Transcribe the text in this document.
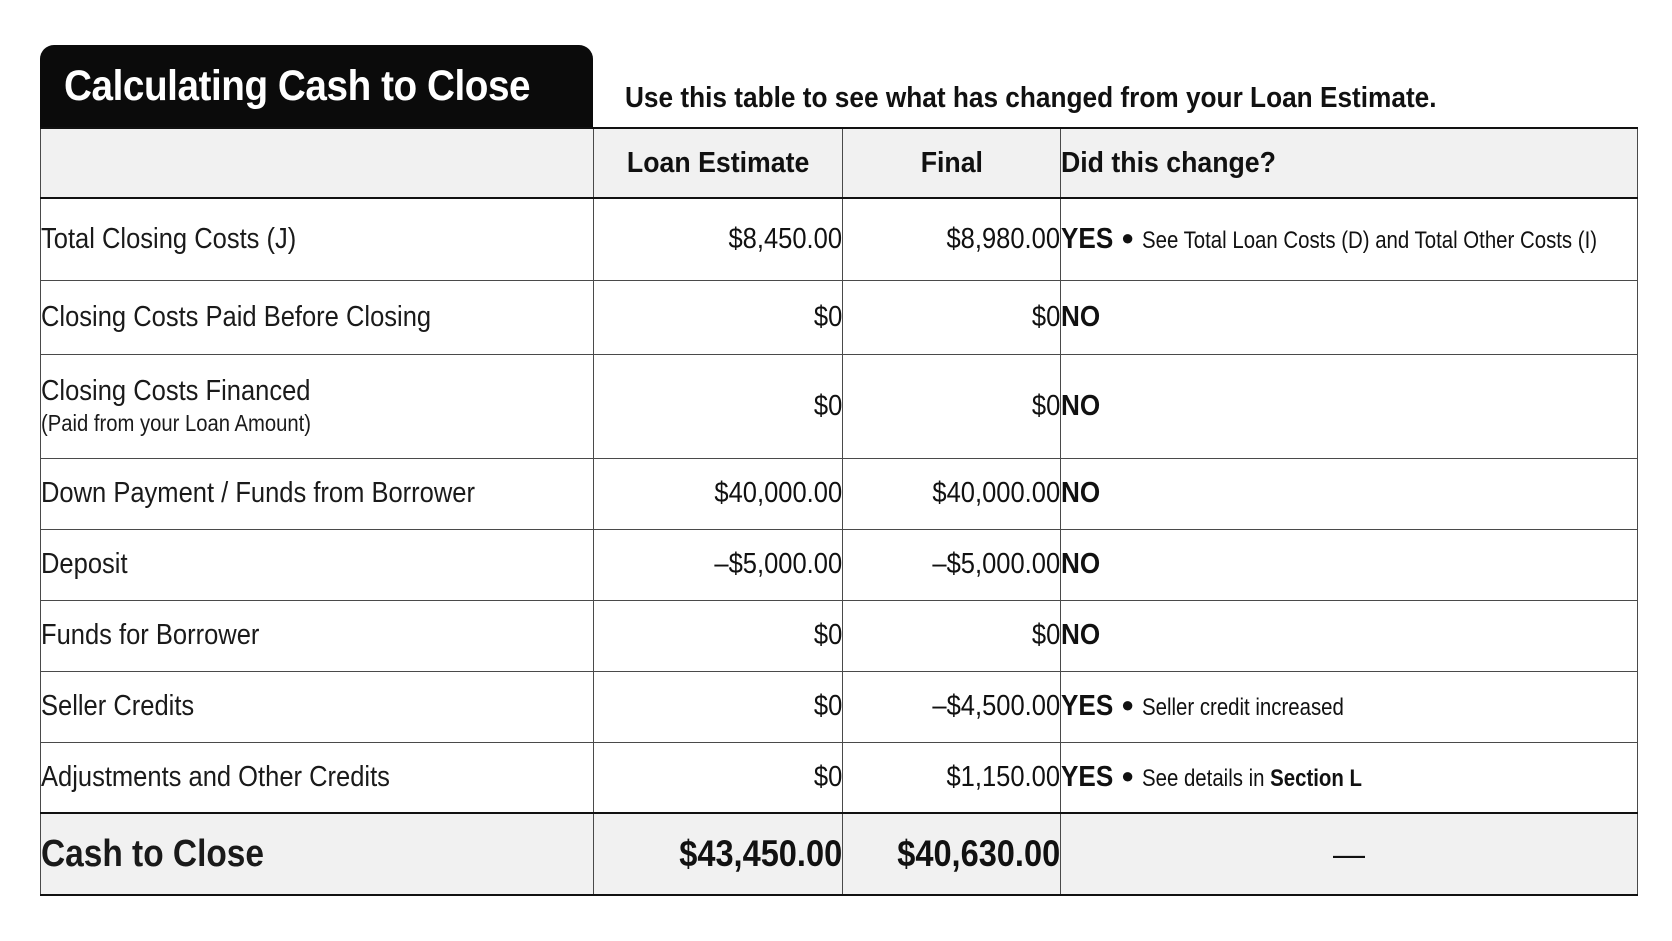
Calculating Cash to Close	Use this table to see what has changed from your Loan Estimate.
	Loan Estimate	Final	Did this change?
Total Closing Costs (J)	$8,450.00	$8,980.00	YES ● See Total Loan Costs (D) and Total Other Costs (I)
Closing Costs Paid Before Closing	$0	$0	NO
Closing Costs Financed
(Paid from your Loan Amount)	$0	$0	NO
Down Payment / Funds from Borrower	$40,000.00	$40,000.00	NO
Deposit	–$5,000.00	–$5,000.00	NO
Funds for Borrower	$0	$0	NO
Seller Credits	$0	–$4,500.00	YES ● Seller credit increased
Adjustments and Other Credits	$0	$1,150.00	YES ● See details in Section L
Cash to Close	$43,450.00	$40,630.00	—
